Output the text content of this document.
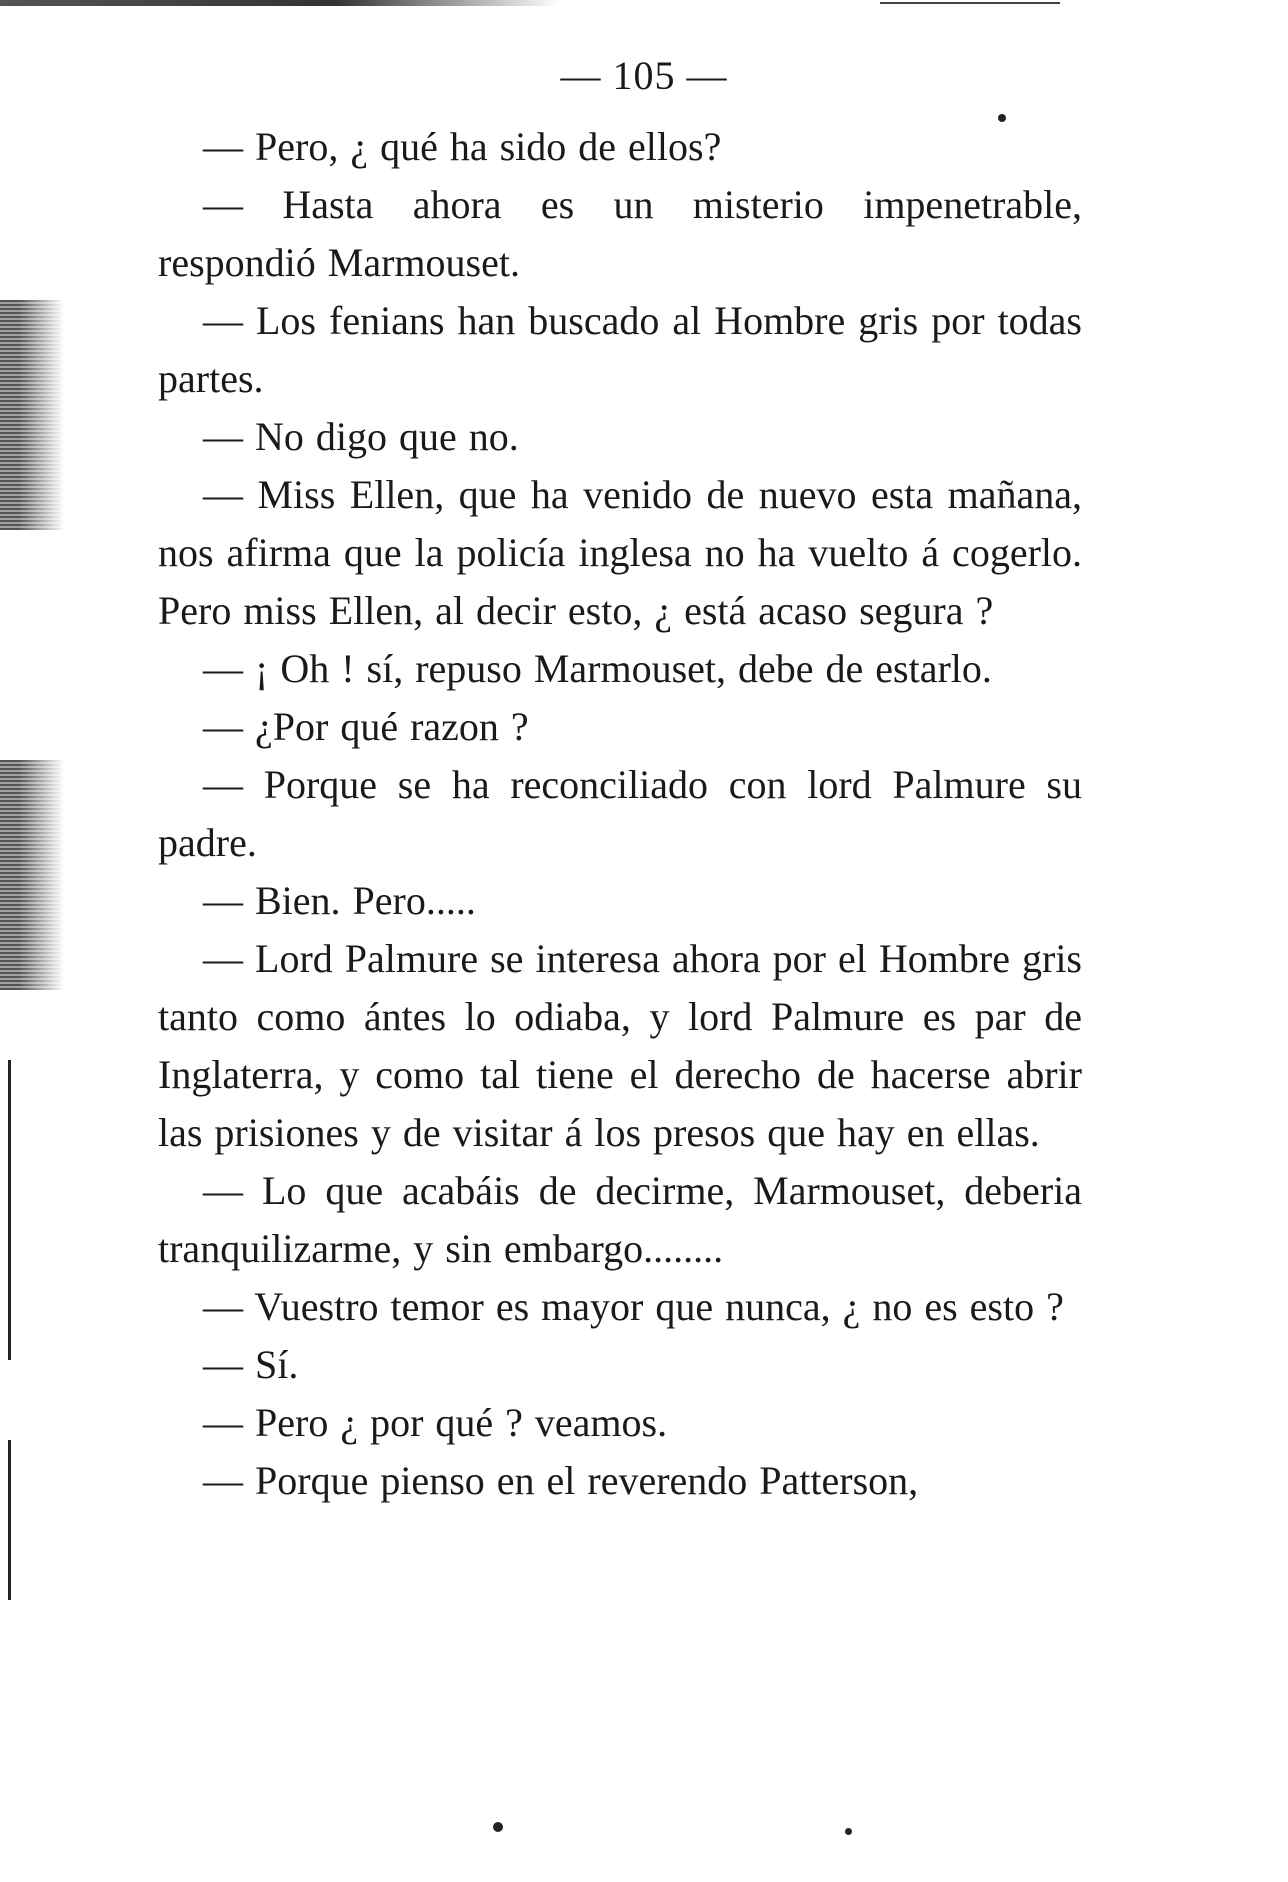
— 105 —

— Pero, ¿ qué ha sido de ellos?

— Hasta ahora es un misterio impenetrable, respondió Marmouset.

— Los fenians han buscado al Hombre gris por todas partes.

— No digo que no.

— Miss Ellen, que ha venido de nuevo esta mañana, nos afirma que la policía inglesa no ha vuelto á cogerlo. Pero miss Ellen, al decir esto, ¿ está acaso segura ?

— ¡ Oh ! sí, repuso Marmouset, debe de estarlo.

— ¿Por qué razon ?

— Porque se ha reconciliado con lord Palmure su padre.

— Bien. Pero.....

— Lord Palmure se interesa ahora por el Hombre gris tanto como ántes lo odiaba, y lord Palmure es par de Inglaterra, y como tal tiene el derecho de hacerse abrir las prisiones y de visitar á los presos que hay en ellas.

— Lo que acabáis de decirme, Marmouset, deberia tranquilizarme, y sin embargo........

— Vuestro temor es mayor que nunca, ¿ no es esto ?

— Sí.

— Pero ¿ por qué ? veamos.

— Porque pienso en el reverendo Patterson,
